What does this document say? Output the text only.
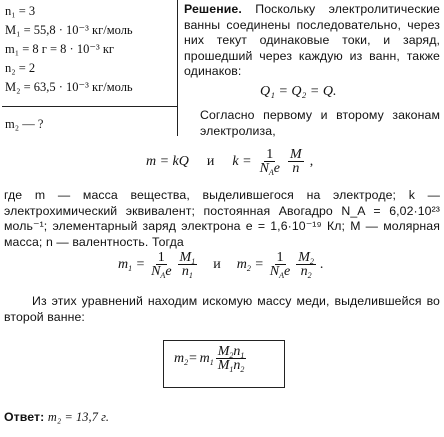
n₁ = 3
M₁ = 55,8 · 10⁻³ кг/моль
m₁ = 8 г = 8 · 10⁻³ кг
n₂ = 2
M₂ = 63,5 · 10⁻³ кг/моль
m₂ — ?
Решение. Поскольку электролитические ванны соединены последовательно, через них текут одинаковые токи, и заряд, прошедший через каждую из ванн, также одинаков:
Q₁ = Q₂ = Q.
Согласно первому и второму законам электролиза,
m = kQ и $k = \frac{1}{N_Ae} \frac{M}{n}$ ,
где m — масса вещества, выделившегося на электроде; k — электрохимический эквивалент; постоянная Авогадро N_A = 6,02·10²³ моль⁻¹; элементарный заряд электрона e = 1,6·10⁻¹⁹ Кл; M — молярная масса; n — валентность. Тогда
$m_1 = \frac{1}{N_Ae} \frac{M_1}{n_1}$ и $m_2 = \frac{1}{N_Ae} \frac{M_2}{n_2}$ .
Из этих уравнений находим искомую массу меди, выделившейся во второй ванне:
$m_2= m_1 \frac{M_2n_1}{M_1n_2}$
Ответ: m₂ = 13,7 г.
